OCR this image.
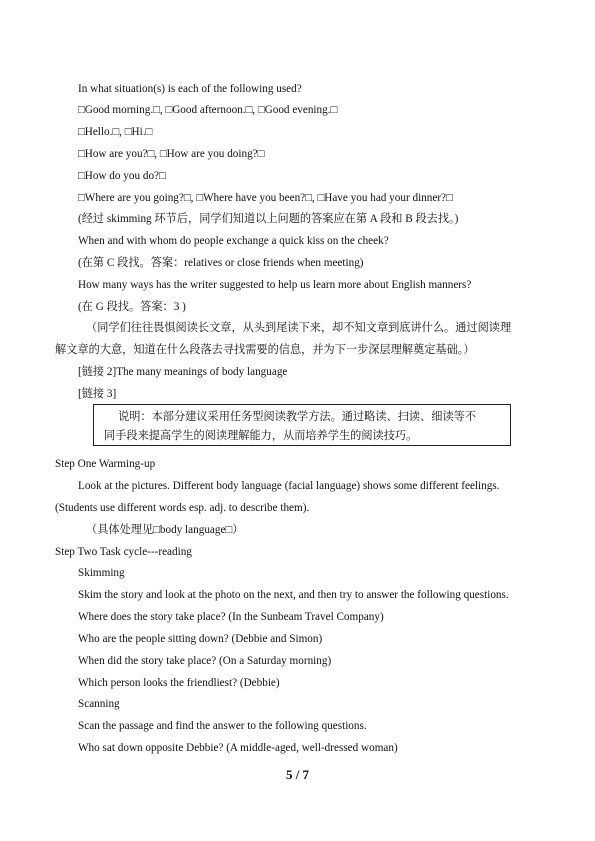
In what situation(s) is each of the following used?
□Good morning.□, □Good afternoon.□, □Good evening.□
□Hello.□, □Hi.□
□How are you?□, □How are you doing?□
□How do you do?□
□Where are you going?□, □Where have you been?□, □Have you had your dinner?□
(经过 skimming 环节后，同学们知道以上问题的答案应在第 A 段和 B 段去找。)
When and with whom do people exchange a quick kiss on the cheek?
(在第 C 段找。答案：relatives or close friends when meeting)
How many ways has the writer suggested to help us learn more about English manners?
(在 G 段找。答案：3 )
（同学们往往畏惧阅读长文章，从头到尾读下来，却不知文章到底讲什么。通过阅读理
解文章的大意，知道在什么段落去寻找需要的信息，并为下一步深层理解奠定基础。）
[链接 2]The many meanings of body language
[链接 3]
说明：本部分建议采用任务型阅读教学方法。通过略读、扫读、细读等不
同手段来提高学生的阅读理解能力，从而培养学生的阅读技巧。
Step One Warming-up
Look at the pictures. Different body language (facial language) shows some different feelings.
(Students use different words esp. adj. to describe them).
（具体处理见□body language□）
Step Two Task cycle---reading
Skimming
Skim the story and look at the photo on the next, and then try to answer the following questions.
Where does the story take place? (In the Sunbeam Travel Company)
Who are the people sitting down? (Debbie and Simon)
When did the story take place? (On a Saturday morning)
Which person looks the friendliest? (Debbie)
Scanning
Scan the passage and find the answer to the following questions.
Who sat down opposite Debbie? (A middle-aged, well-dressed woman)
5 / 7
